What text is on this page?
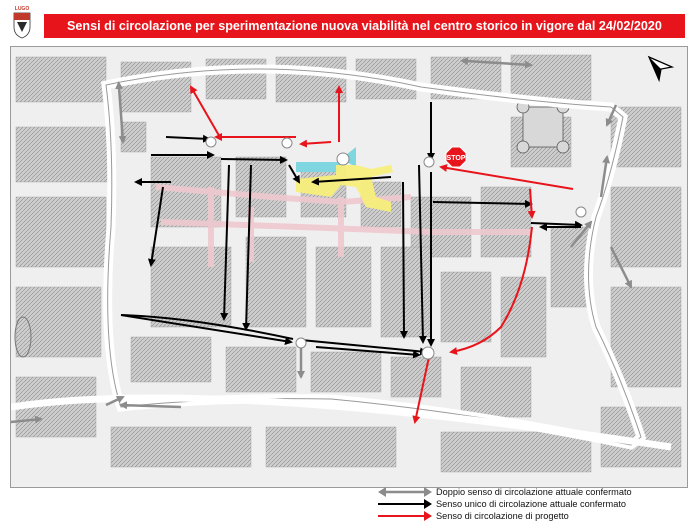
LUGO
Sensi di circolazione per sperimentazione nuova viabilità nel centro storico in vigore dal 24/02/2020
STOP
Doppio senso di circolazione attuale confermato
Senso unico di circolazione attuale confermato
Senso di circolazione di progetto
